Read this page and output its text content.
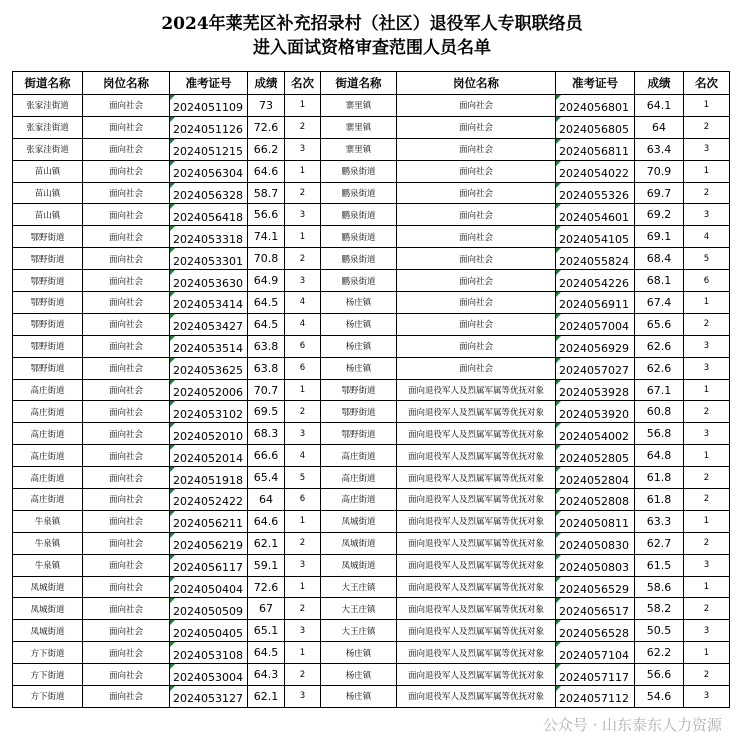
2024年莱芜区补充招录村（社区）退役军人专职联络员
进入面试资格审查范围人员名单
街道名称	岗位名称	准考证号	成绩	名次	街道名称	岗位名称	准考证号	成绩	名次
张家洼街道	面向社会	2024051109	73	1	寨里镇	面向社会	2024056801	64.1	1
张家洼街道	面向社会	2024051126	72.6	2	寨里镇	面向社会	2024056805	64	2
张家洼街道	面向社会	2024051215	66.2	3	寨里镇	面向社会	2024056811	63.4	3
苗山镇	面向社会	2024056304	64.6	1	鹏泉街道	面向社会	2024054022	70.9	1
苗山镇	面向社会	2024056328	58.7	2	鹏泉街道	面向社会	2024055326	69.7	2
苗山镇	面向社会	2024056418	56.6	3	鹏泉街道	面向社会	2024054601	69.2	3
鄂野街道	面向社会	2024053318	74.1	1	鹏泉街道	面向社会	2024054105	69.1	4
鄂野街道	面向社会	2024053301	70.8	2	鹏泉街道	面向社会	2024055824	68.4	5
鄂野街道	面向社会	2024053630	64.9	3	鹏泉街道	面向社会	2024054226	68.1	6
鄂野街道	面向社会	2024053414	64.5	4	杨庄镇	面向社会	2024056911	67.4	1
鄂野街道	面向社会	2024053427	64.5	4	杨庄镇	面向社会	2024057004	65.6	2
鄂野街道	面向社会	2024053514	63.8	6	杨庄镇	面向社会	2024056929	62.6	3
鄂野街道	面向社会	2024053625	63.8	6	杨庄镇	面向社会	2024057027	62.6	3
高庄街道	面向社会	2024052006	70.7	1	鄂野街道	面向退役军人及烈属军属等优抚对象	2024053928	67.1	1
高庄街道	面向社会	2024053102	69.5	2	鄂野街道	面向退役军人及烈属军属等优抚对象	2024053920	60.8	2
高庄街道	面向社会	2024052010	68.3	3	鄂野街道	面向退役军人及烈属军属等优抚对象	2024054002	56.8	3
高庄街道	面向社会	2024052014	66.6	4	高庄街道	面向退役军人及烈属军属等优抚对象	2024052805	64.8	1
高庄街道	面向社会	2024051918	65.4	5	高庄街道	面向退役军人及烈属军属等优抚对象	2024052804	61.8	2
高庄街道	面向社会	2024052422	64	6	高庄街道	面向退役军人及烈属军属等优抚对象	2024052808	61.8	2
牛泉镇	面向社会	2024056211	64.6	1	凤城街道	面向退役军人及烈属军属等优抚对象	2024050811	63.3	1
牛泉镇	面向社会	2024056219	62.1	2	凤城街道	面向退役军人及烈属军属等优抚对象	2024050830	62.7	2
牛泉镇	面向社会	2024056117	59.1	3	凤城街道	面向退役军人及烈属军属等优抚对象	2024050803	61.5	3
凤城街道	面向社会	2024050404	72.6	1	大王庄镇	面向退役军人及烈属军属等优抚对象	2024056529	58.6	1
凤城街道	面向社会	2024050509	67	2	大王庄镇	面向退役军人及烈属军属等优抚对象	2024056517	58.2	2
凤城街道	面向社会	2024050405	65.1	3	大王庄镇	面向退役军人及烈属军属等优抚对象	2024056528	50.5	3
方下街道	面向社会	2024053108	64.5	1	杨庄镇	面向退役军人及烈属军属等优抚对象	2024057104	62.2	1
方下街道	面向社会	2024053004	64.3	2	杨庄镇	面向退役军人及烈属军属等优抚对象	2024057117	56.6	2
方下街道	面向社会	2024053127	62.1	3	杨庄镇	面向退役军人及烈属军属等优抚对象	2024057112	54.6	3
公众号 · 山东泰东人力资源
